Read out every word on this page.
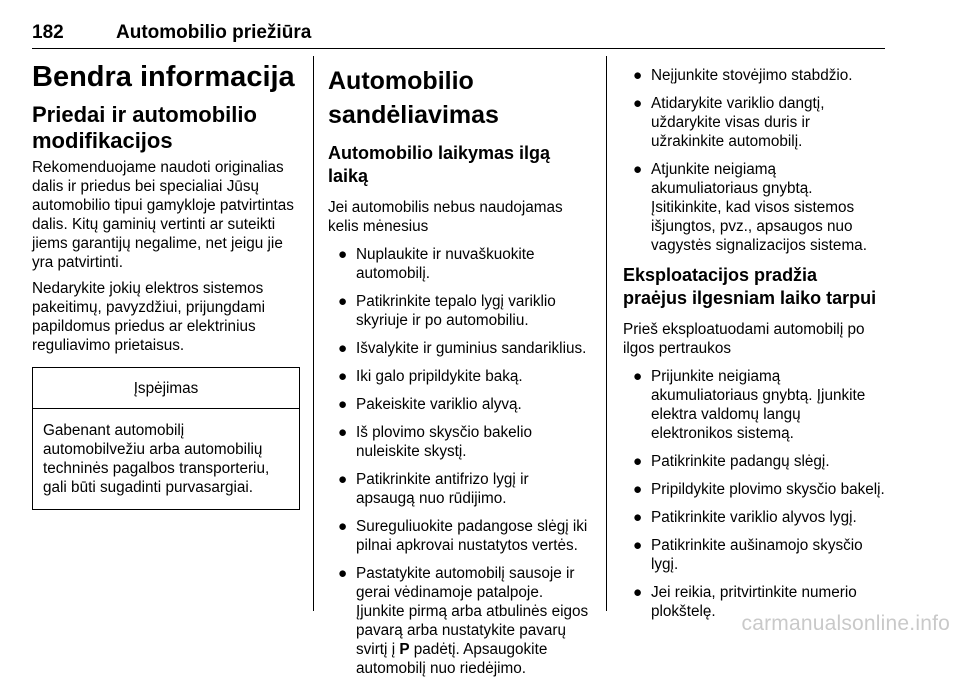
182	Automobilio priežiūra
Bendra informacija
Priedai ir automobilio modifikacijos

Rekomenduojame naudoti originalias dalis ir priedus bei specialiai Jūsų automobilio tipui gamykloje patvirtintas dalis. Kitų gaminių vertinti ar suteikti jiems garantijų negalime, net jeigu jie yra patvirtinti.

Nedarykite jokių elektros sistemos pakeitimų, pavyzdžiui, prijungdami papildomus priedus ar elektrinius reguliavimo prietaisus.

Įspėjimas
Gabenant automobilį automobilvežiu arba automobilių techninės pagalbos transporteriu, gali būti sugadinti purvasargiai.
Automobilio sandėliavimas
Automobilio laikymas ilgą laiką

Jei automobilis nebus naudojamas kelis mėnesius

● Nuplaukite ir nuvaškuokite automobilį.
● Patikrinkite tepalo lygį variklio skyriuje ir po automobiliu.
● Išvalykite ir guminius sandariklius.
● Iki galo pripildykite baką.
● Pakeiskite variklio alyvą.
● Iš plovimo skysčio bakelio nuleiskite skystį.
● Patikrinkite antifrizo lygį ir apsaugą nuo rūdijimo.
● Sureguliuokite padangose slėgį iki pilnai apkrovai nustatytos vertės.
● Pastatykite automobilį sausoje ir gerai vėdinamoje patalpoje. Įjunkite pirmą arba atbulinės eigos pavarą arba nustatykite pavarų svirtį į P padėtį. Apsaugokite automobilį nuo riedėjimo.
● Neįjunkite stovėjimo stabdžio.
● Atidarykite variklio dangtį, uždarykite visas duris ir užrakinkite automobilį.
● Atjunkite neigiamą akumuliatoriaus gnybtą. Įsitikinkite, kad visos sistemos išjungtos, pvz., apsaugos nuo vagystės signalizacijos sistema.
Eksploatacijos pradžia praėjus ilgesniam laiko tarpui

Prieš eksploatuodami automobilį po ilgos pertraukos

● Prijunkite neigiamą akumuliatoriaus gnybtą. Įjunkite elektra valdomų langų elektronikos sistemą.
● Patikrinkite padangų slėgį.
● Pripildykite plovimo skysčio bakelį.
● Patikrinkite variklio alyvos lygį.
● Patikrinkite aušinamojo skysčio lygį.
● Jei reikia, pritvirtinkite numerio plokštelę.
carmanualsonline.info
